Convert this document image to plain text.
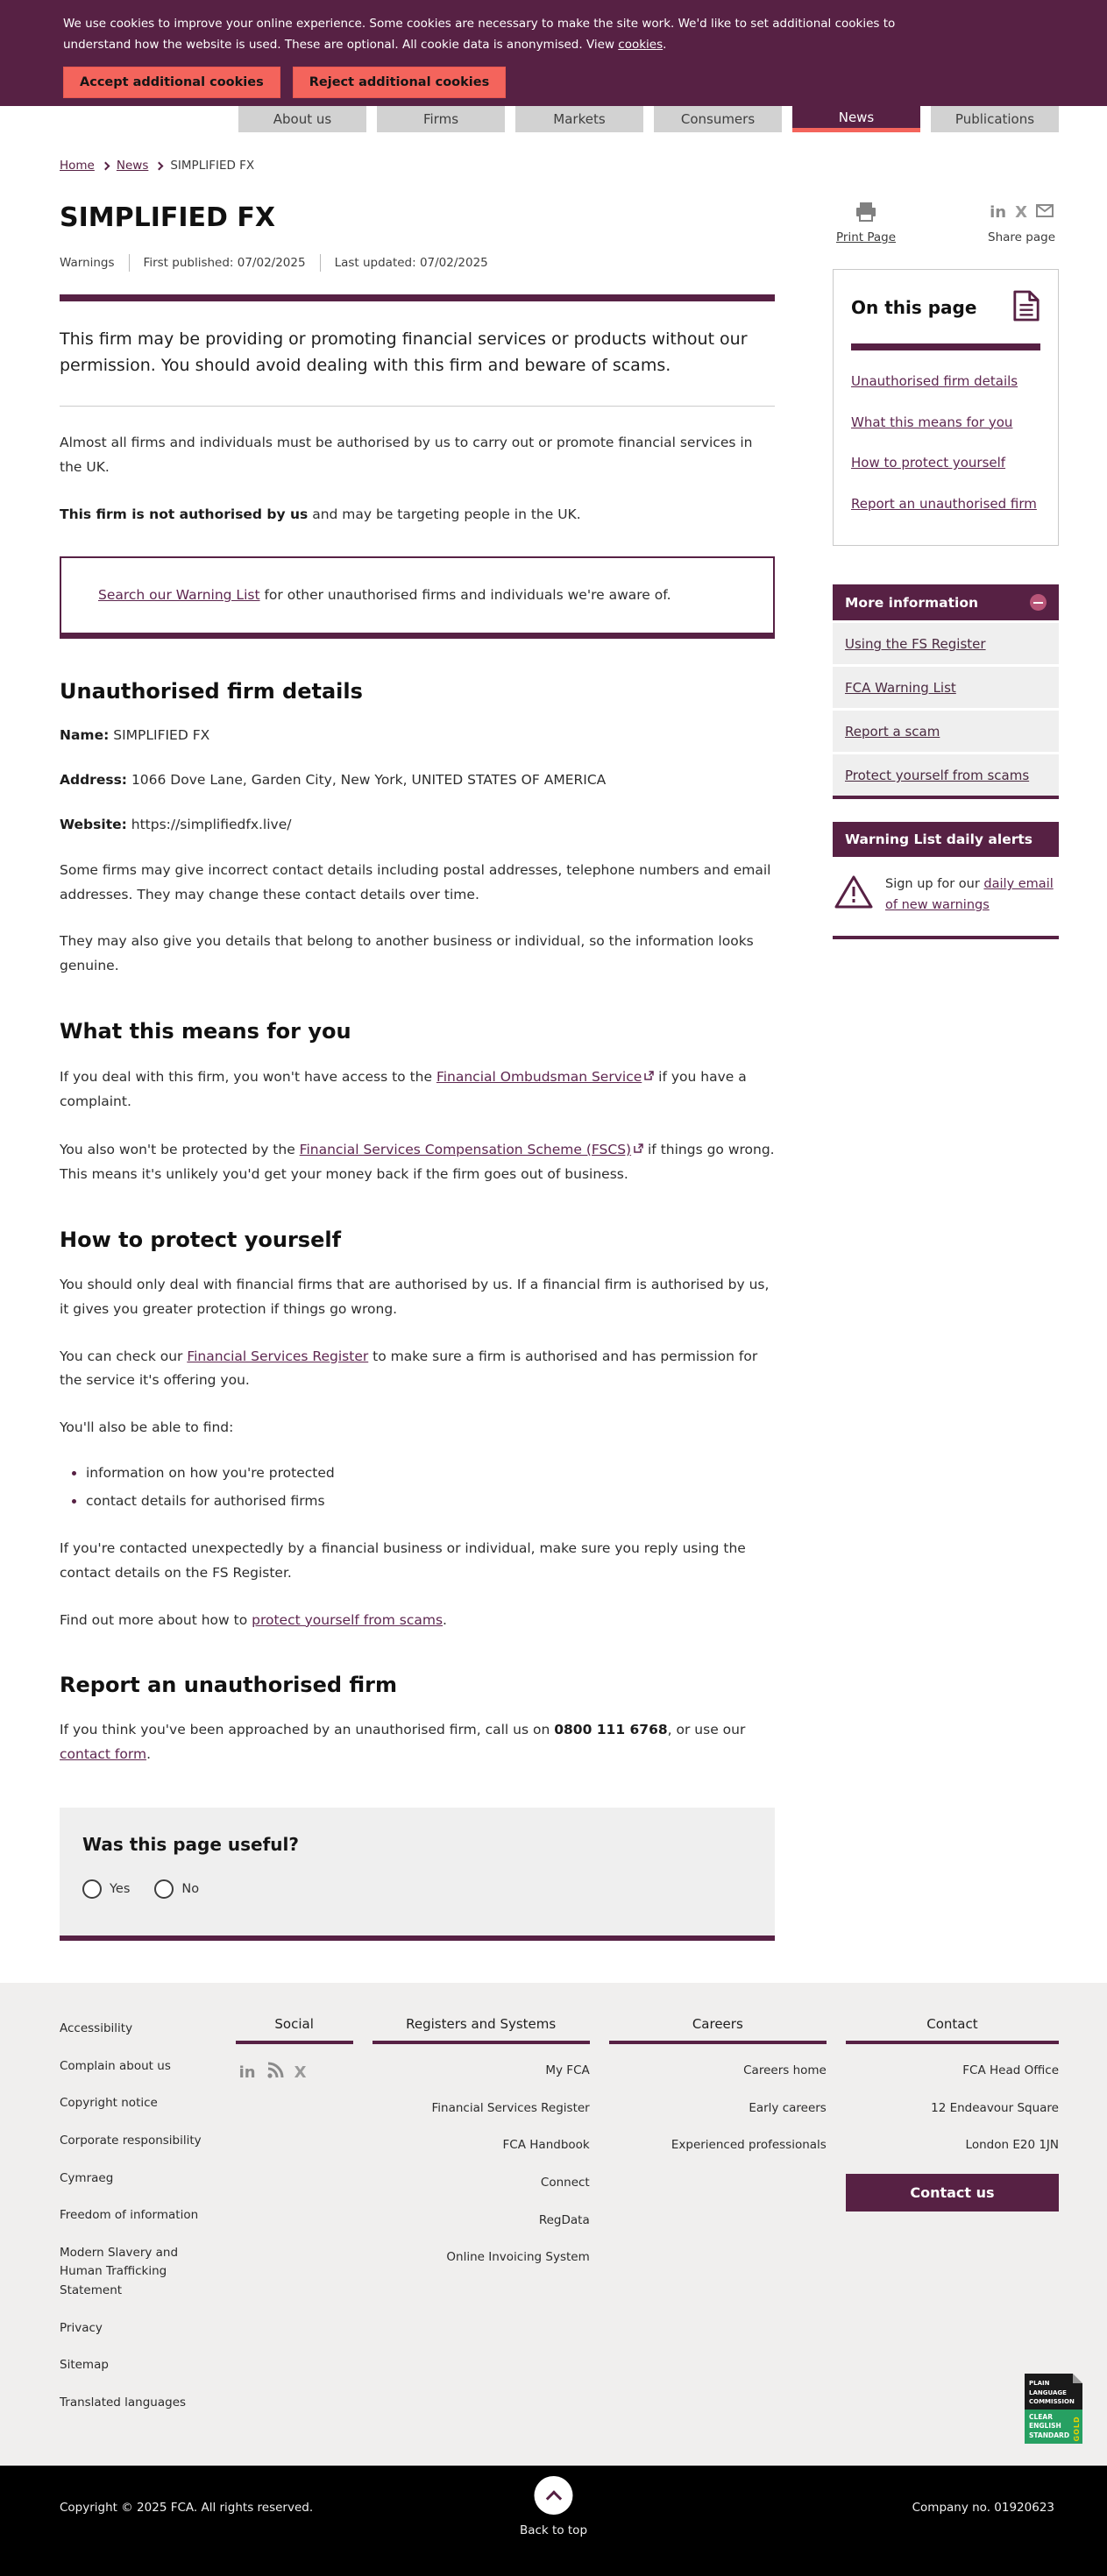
We use cookies to improve your online experience. Some cookies are necessary to make the site work. We'd like to set additional cookies to understand how the website is used. These are optional. All cookie data is anonymised. View cookies.

Accept additional cookies	Reject additional cookies
About us	Firms	Markets	Consumers	News	Publications
Home News SIMPLIFIED FX
SIMPLIFIED FX
Warnings First published: 07/02/2025 Last updated: 07/02/2025

This firm may be providing or promoting financial services or products without our permission. You should avoid dealing with this firm and beware of scams.

Almost all firms and individuals must be authorised by us to carry out or promote financial services in the UK.

This firm is not authorised by us and may be targeting people in the UK.

Search our Warning List for other unauthorised firms and individuals we're aware of.
Unauthorised firm details

Name: SIMPLIFIED FX

Address: 1066 Dove Lane, Garden City, New York, UNITED STATES OF AMERICA

Website: https://simplifiedfx.live/

Some firms may give incorrect contact details including postal addresses, telephone numbers and email addresses. They may change these contact details over time.

They may also give you details that belong to another business or individual, so the information looks genuine.

What this means for you

If you deal with this firm, you won't have access to the Financial Ombudsman Service if you have a complaint.

You also won't be protected by the Financial Services Compensation Scheme (FSCS) if things go wrong. This means it's unlikely you'd get your money back if the firm goes out of business.

How to protect yourself

You should only deal with financial firms that are authorised by us. If a financial firm is authorised by us, it gives you greater protection if things go wrong.

You can check our Financial Services Register to make sure a firm is authorised and has permission for the service it's offering you.

You'll also be able to find:

• information on how you're protected
• contact details for authorised firms

If you're contacted unexpectedly by a financial business or individual, make sure you reply using the contact details on the FS Register.

Find out more about how to protect yourself from scams.

Report an unauthorised firm

If you think you've been approached by an unauthorised firm, call us on 0800 111 6768, or use our contact form.

Was this page useful?
Yes	No
Print Page
in X
Share page
On this page
Unauthorised firm details
What this means for you
How to protect yourself
Report an unauthorised firm
More information
Using the FS Register
FCA Warning List
Report a scam
Protect yourself from scams
Warning List daily alerts

Sign up for our daily email of new warnings

Accessibility
Complain about us
Copyright notice
Corporate responsibility
Cymraeg
Freedom of information
Modern Slavery and Human Trafficking Statement
Privacy
Sitemap
Translated languages
Social
in X
Registers and Systems
My FCA
Financial Services Register
FCA Handbook
Connect
RegData
Online Invoicing System
Careers
Careers home
Early careers
Experienced professionals
Contact

FCA Head Office

12 Endeavour Square

London E20 1JN

Contact us
PLAIN LANGUAGE COMMISSION
CLEAR ENGLISH STANDARD GOLD
Copyright © 2025 FCA. All rights reserved.
Back to top
Company no. 01920623
